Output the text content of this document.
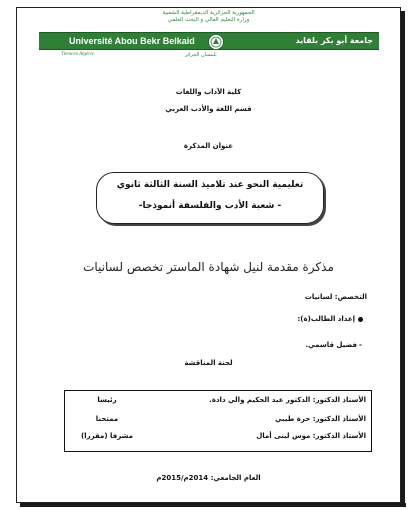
الجمهورية الجزائرية الديمقراطية الشعبية
وزارة التعليم العالي و البحث العلمي
Université Abou Bekr Belkaid	جامعة أبو بكر بلقايد
Tlemcen Algérie	تلمسان الجزائر
كلية الآداب واللغات
قسم اللغة والأدب العربي
عنوان المذكرة
تعليمية النحو عند تلاميذ السنة الثالثة ثانوي
- شعبة الأدب والفلسفة أنموذجا-
مذكرة مقدمة لنيل شهادة الماستر تخصص لسانيات
التخصص: لسانيات
إعداد الطالب(ة):
-
فضيل قاسمي.
لجنة المناقشة
الأستاذ الدكتور: الدكتور عبد الحكيم والي دادة.
رئيسا
الأستاذ الدكتور: حرة طيبي
ممتحنا
الأستاذ الدكتور: موس لبنى أمال
مشرفا (مقررا)
العام الجامعي: 2014م/2015م
